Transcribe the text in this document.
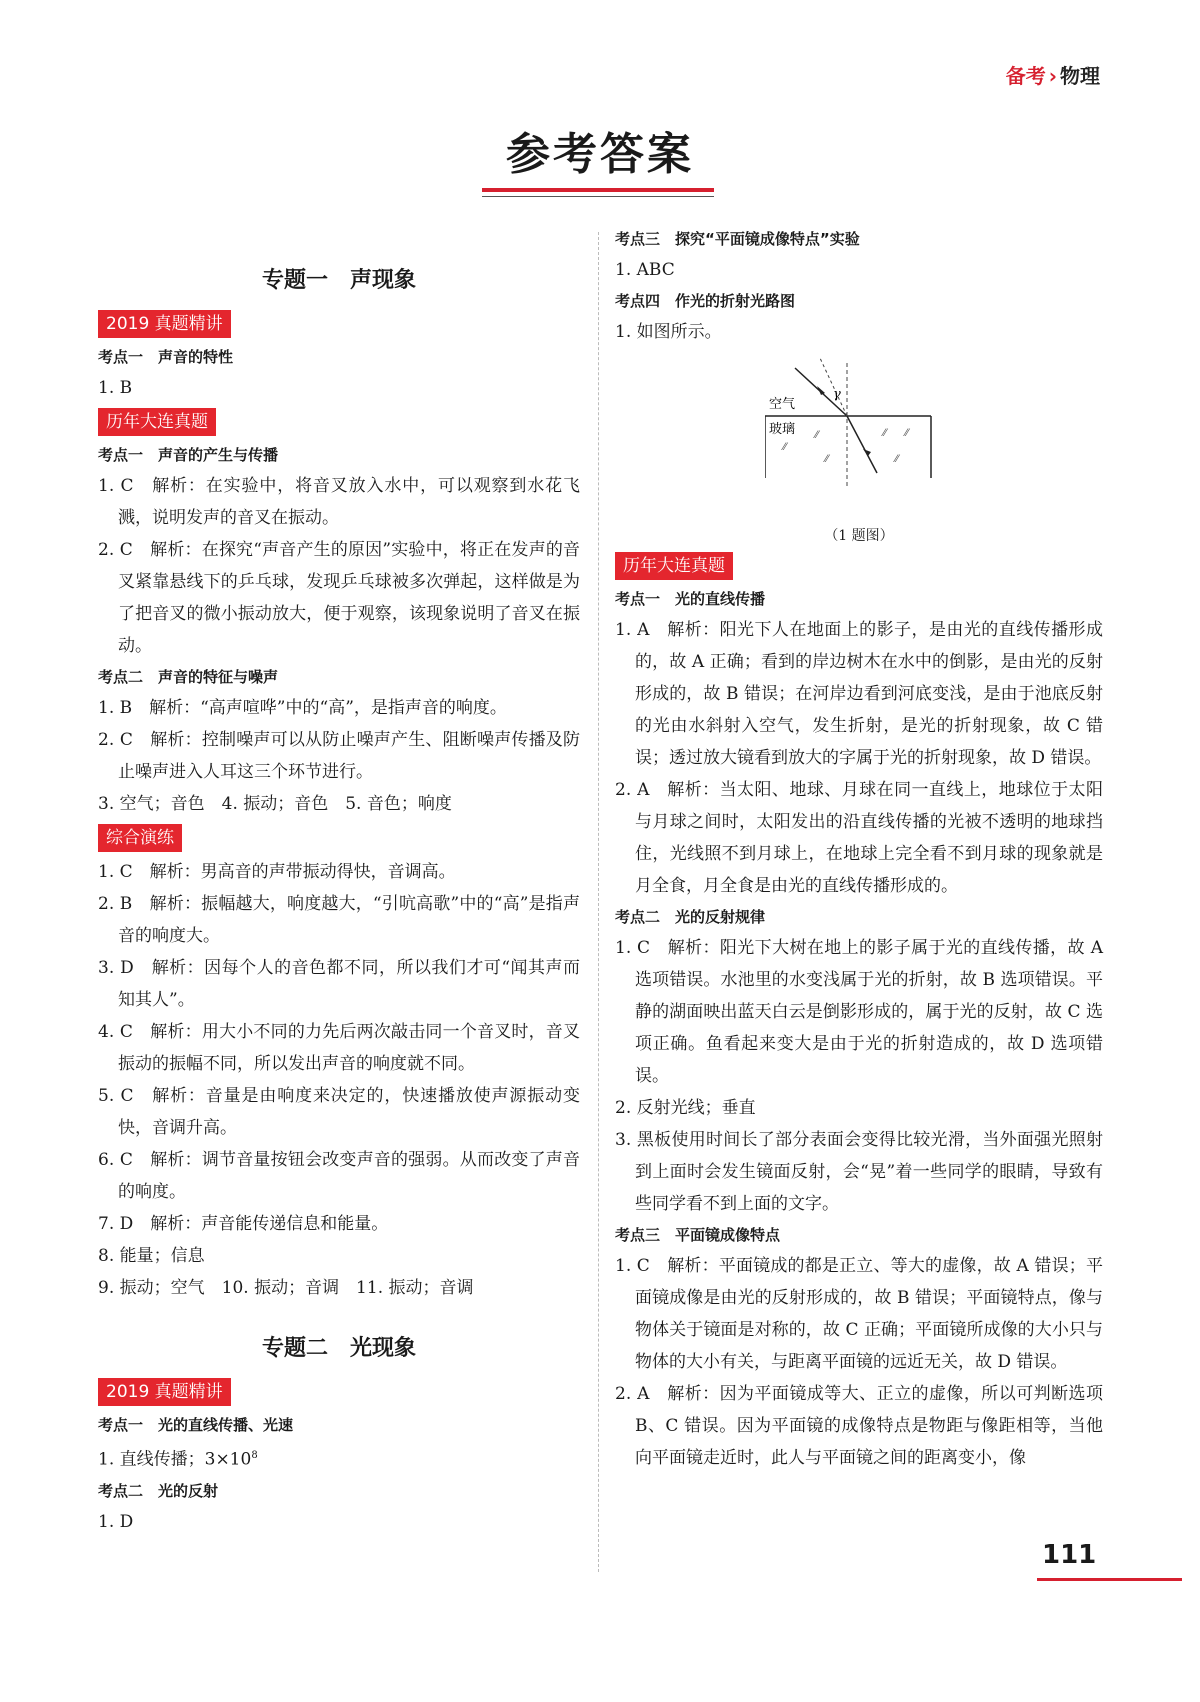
备考 › 物理
参考答案
专题一　声现象
2019 真题精讲
考点一　声音的特性
1. B
历年大连真题
考点一　声音的产生与传播
1. C　解析：在实验中，将音叉放入水中，可以观察到水花飞溅，说明发声的音叉在振动。
2. C　解析：在探究“声音产生的原因”实验中，将正在发声的音叉紧靠悬线下的乒乓球，发现乒乓球被多次弹起，这样做是为了把音叉的微小振动放大，便于观察，该现象说明了音叉在振动。
考点二　声音的特征与噪声
1. B　解析：“高声喧哗”中的“高”，是指声音的响度。
2. C　解析：控制噪声可以从防止噪声产生、阻断噪声传播及防止噪声进入人耳这三个环节进行。
3. 空气；音色　4. 振动；音色　5. 音色；响度
综合演练
1. C　解析：男高音的声带振动得快，音调高。
2. B　解析：振幅越大，响度越大，“引吭高歌”中的“高”是指声音的响度大。
3. D　解析：因每个人的音色都不同，所以我们才可“闻其声而知其人”。
4. C　解析：用大小不同的力先后两次敲击同一个音叉时，音叉振动的振幅不同，所以发出声音的响度就不同。
5. C　解析：音量是由响度来决定的，快速播放使声源振动变快，音调升高。
6. C　解析：调节音量按钮会改变声音的强弱。从而改变了声音的响度。
7. D　解析：声音能传递信息和能量。
8. 能量；信息
9. 振动；空气　10. 振动；音调　11. 振动；音调
专题二　光现象
2019 真题精讲
考点一　光的直线传播、光速
1. 直线传播；$3\times 10^8$
考点二　光的反射
1. D
考点三　探究“平面镜成像特点”实验
1. ABC
考点四　作光的折射光路图
1. 如图所示。
空气
玻璃
γ
⁄⁄
⁄⁄	⁄⁄ ⁄⁄
⁄⁄
⁄⁄
（1 题图）
历年大连真题
考点一　光的直线传播
1. A　解析：阳光下人在地面上的影子，是由光的直线传播形成的，故 A 正确；看到的岸边树木在水中的倒影，是由光的反射形成的，故 B 错误；在河岸边看到河底变浅，是由于池底反射的光由水斜射入空气，发生折射，是光的折射现象，故 C 错误；透过放大镜看到放大的字属于光的折射现象，故 D 错误。
2. A　解析：当太阳、地球、月球在同一直线上，地球位于太阳与月球之间时，太阳发出的沿直线传播的光被不透明的地球挡住，光线照不到月球上，在地球上完全看不到月球的现象就是月全食，月全食是由光的直线传播形成的。
考点二　光的反射规律
1. C　解析：阳光下大树在地上的影子属于光的直线传播，故 A 选项错误。水池里的水变浅属于光的折射，故 B 选项错误。平静的湖面映出蓝天白云是倒影形成的，属于光的反射，故 C 选项正确。鱼看起来变大是由于光的折射造成的，故 D 选项错误。
2. 反射光线；垂直
3. 黑板使用时间长了部分表面会变得比较光滑，当外面强光照射到上面时会发生镜面反射，会“晃”着一些同学的眼睛，导致有些同学看不到上面的文字。
考点三　平面镜成像特点
1. C　解析：平面镜成的都是正立、等大的虚像，故 A 错误；平面镜成像是由光的反射形成的，故 B 错误；平面镜特点，像与物体关于镜面是对称的，故 C 正确；平面镜所成像的大小只与物体的大小有关，与距离平面镜的远近无关，故 D 错误。
2. A　解析：因为平面镜成等大、正立的虚像，所以可判断选项 B、C 错误。因为平面镜的成像特点是物距与像距相等，当他向平面镜走近时，此人与平面镜之间的距离变小，像
111
